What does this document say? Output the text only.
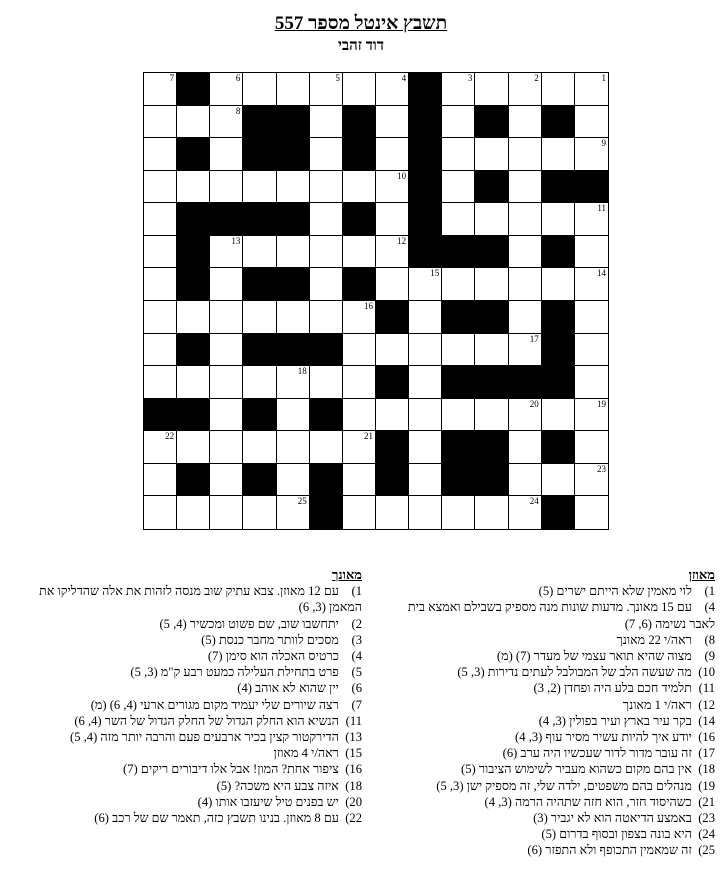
תשבץ אינטל מספר 557
דוד זהבי
7	6	5	4	3	2	1
8
9
10
11
13	12
15	14
16
17
18
20	19
22	21
23
25	24
מאוזן
1) לוי מאמין שלא הייתם ישרים (5)
4) עם 15 מאונך. מדעות שונות מנה מספיק בשבילם ואמצא בית לאבר נשימה (6, 7)
8) ראה/י 22 מאונך
9) מצוה שהיא תואר עצמי של מעדר (7) (מ)
10) מה שעשה הלב של המבולבל לעתים נדירות (3, 5)
11) תלמיד חכם בלע היה ופחדן (2, 3)
12) ראה/י 1 מאונך
14) בקר עיר בארץ ועיר בפולין (3, 4)
16) יודע איך להיות עשיר מסיר עוף (3, 4)
17) זה עובר מדור לדור שעכשיו היה ערב (6)
18) אין בהם מקום כשהוא מעביר לשימוש הציבור (5)
19) מנהלים בהם משפטים, ילדה שלי, זה מספיק ישן (3, 5)
21) כשהיסוד חזר, הוא חזה שתהיה הרמה (3, 4)
23) באמצע הדיאטה הוא לא יגביר (3)
24) היא בונה בצפון ובסוף בדרום (5)
25) זה שמאמין התכופף ולא התפזר (6)
מאונך
1) עם 12 מאוזן. צבא עתיק שוב מנסה לזהות את אלה שהדליקו את המאמן (3, 6)
2) יתחשבו שוב, שם פשוט ומכשיר (4, 5)
3) מסכים לוותר מחבר כנסת (5)
4) כרטיס האכלה הוא סימן (7)
5) פרט בתחילת העלילה כמעט רבע ק"מ (3, 5)
6) יין שהוא לא אוהב (4)
7) רצה שיורים שלי יעמיד מקום מגורים ארעי (4, 6) (מ)
11) הנשיא הוא החלק הגדול של החלק הגדול של השר (4, 6)
13) הדירקטור קצין בכיר ארבעים פעם והרבה יותר מזה (4, 5)
15) ראה/י 4 מאוזן
16) ציפור אחת? המון! אבל אלו דיבורים ריקים (7)
18) איזה צבע היא משכה? (5)
20) יש בפנים טיל שיעזבו אותו (4)
22) עם 8 מאוזן. בנינו תשבץ כזה, תאמר שם של רכב (6)
